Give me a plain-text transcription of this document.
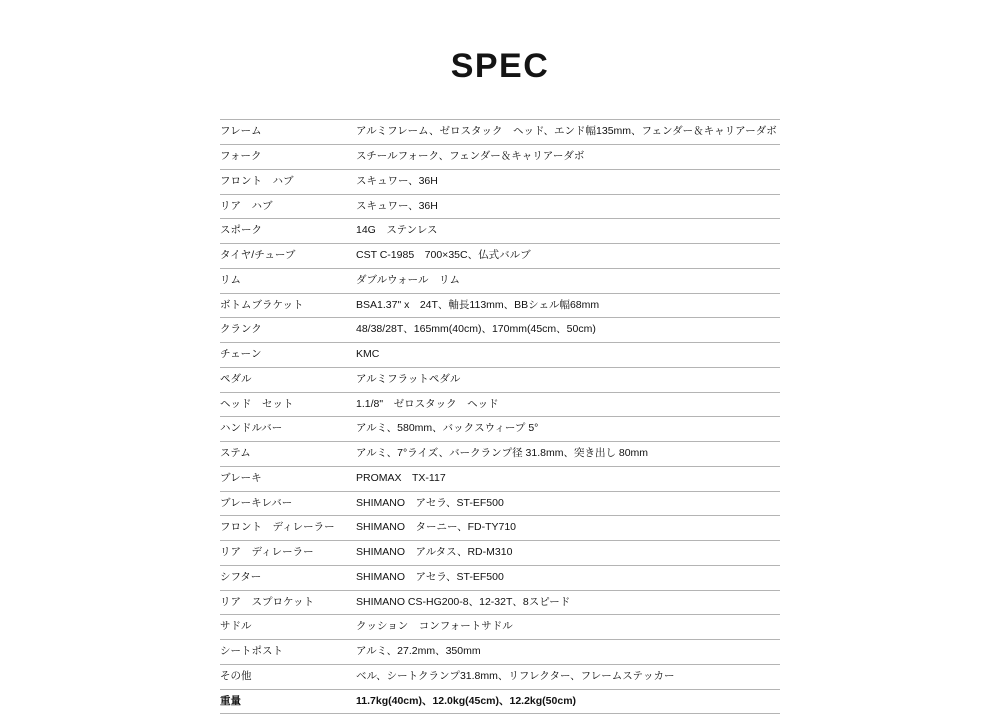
SPEC
フレーム	アルミフレーム、ゼロスタック　ヘッド、エンド幅135mm、フェンダー＆キャリアーダボ
フォーク	スチールフォーク、フェンダー＆キャリアーダボ
フロント　ハブ	スキュワー、36H
リア　ハブ	スキュワー、36H
スポーク	14G　ステンレス
タイヤ/チューブ	CST C-1985　700×35C、仏式バルブ
リム	ダブルウォール　リム
ボトムブラケット	BSA1.37" x　24T、軸長113mm、BBシェル幅68mm
クランク	48/38/28T、165mm(40cm)、170mm(45cm、50cm)
チェーン	KMC
ペダル	アルミフラットペダル
ヘッド　セット	1.1/8"　ゼロスタック　ヘッド
ハンドルバー	アルミ、580mm、バックスウィープ 5°
ステム	アルミ、7°ライズ、バークランプ径 31.8mm、突き出し 80mm
ブレーキ	PROMAX　TX-117
ブレーキレバー	SHIMANO　アセラ、ST-EF500
フロント　ディレーラー	SHIMANO　ターニー、FD-TY710
リア　ディレーラー	SHIMANO　アルタス、RD-M310
シフター	SHIMANO　アセラ、ST-EF500
リア　スプロケット	SHIMANO CS-HG200-8、12-32T、8スピード
サドル	クッション　コンフォートサドル
シートポスト	アルミ、27.2mm、350mm
その他	ベル、シートクランプ31.8mm、リフレクター、フレームステッカー
重量	11.7kg(40cm)、12.0kg(45cm)、12.2kg(50cm)
